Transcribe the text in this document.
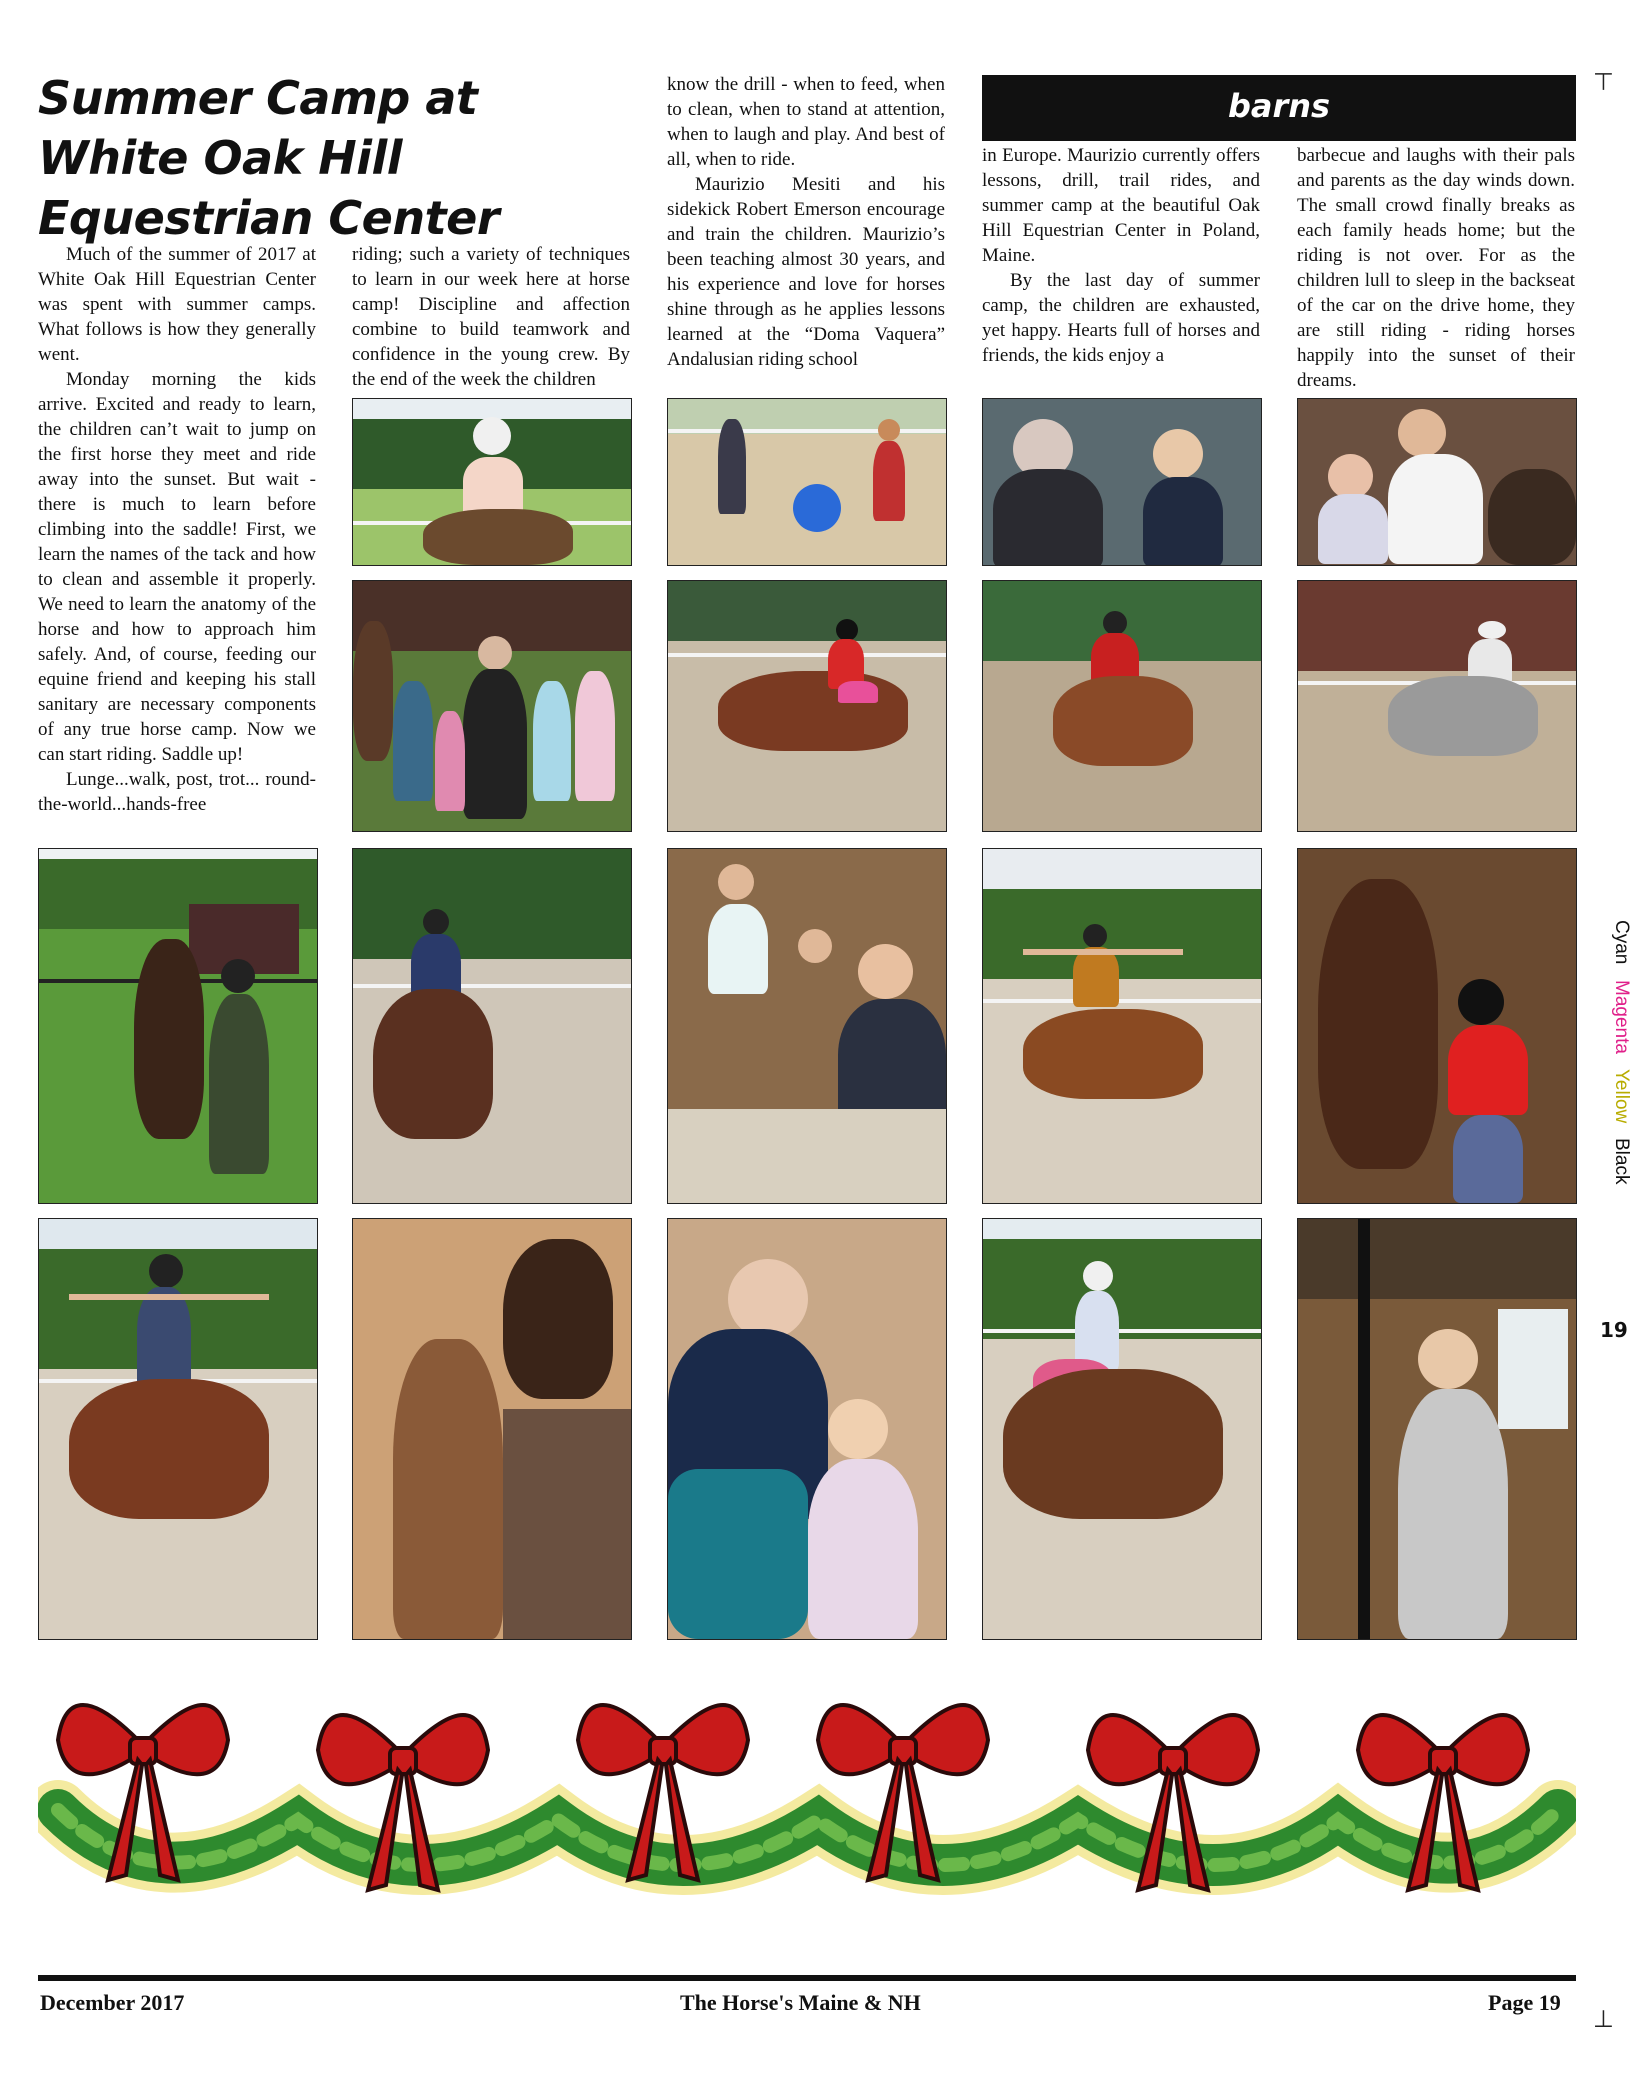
Summer Camp at White Oak Hill Equestrian Center

Much of the summer of 2017 at White Oak Hill Equestrian Center was spent with summer camps. What follows is how they generally went.

Monday morning the kids arrive. Excited and ready to learn, the children can’t wait to jump on the first horse they meet and ride away into the sunset. But wait - there is much to learn before climbing into the saddle! First, we learn the names of the tack and how to clean and assemble it properly. We need to learn the anatomy of the horse and how to approach him safely. And, of course, feeding our equine friend and keeping his stall sanitary are necessary components of any true horse camp. Now we can start riding. Saddle up!

Lunge...walk, post, trot... round-the-world...hands-free

riding; such a variety of techniques to learn in our week here at horse camp! Discipline and affection combine to build teamwork and confidence in the young crew. By the end of the week the children

know the drill - when to feed, when to clean, when to stand at attention, when to laugh and play. And best of all, when to ride.

Maurizio Mesiti and his sidekick Robert Emerson encourage and train the children. Maurizio’s been teaching almost 30 years, and his experience and love for horses shine through as he applies lessons learned at the “Doma Vaquera” Andalusian riding school

barns

in Europe. Maurizio currently offers lessons, drill, trail rides, and summer camp at the beautiful Oak Hill Equestrian Center in Poland, Maine.

By the last day of summer camp, the children are exhausted, yet happy. Hearts full of horses and friends, the kids enjoy a

barbecue and laughs with their pals and parents as the day winds down. The small crowd finally breaks as each family heads home; but the riding is not over. For as the children lull to sleep in the backseat of the car on the drive home, they are still riding - riding horses happily into the sunset of their dreams.

Cyan Magenta Yellow Black
19
⊤
⊥
December 2017	The Horse's Maine & NH	Page 19
